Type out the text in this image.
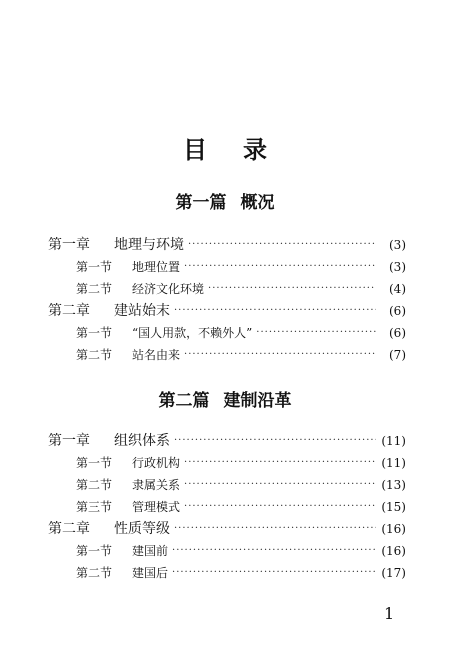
目录
第一篇 概况
第一章	地理与环境 ·····	(3)
第一节	地理位置 ·····	(3)
第二节	经济文化环境 ·····	(4)
第二章	建站始末 ·····	(6)
第一节	“国人用款，不赖外人” ·····	(6)
第二节	站名由来 ·····	(7)
第二篇 建制沿革
第一章	组织体系 ·····	(11)
第一节	行政机构 ·····	(11)
第二节	隶属关系 ·····	(13)
第三节	管理模式 ·····	(15)
第二章	性质等级 ·····	(16)
第一节	建国前 ·····	(16)
第二节	建国后 ·····	(17)
1
